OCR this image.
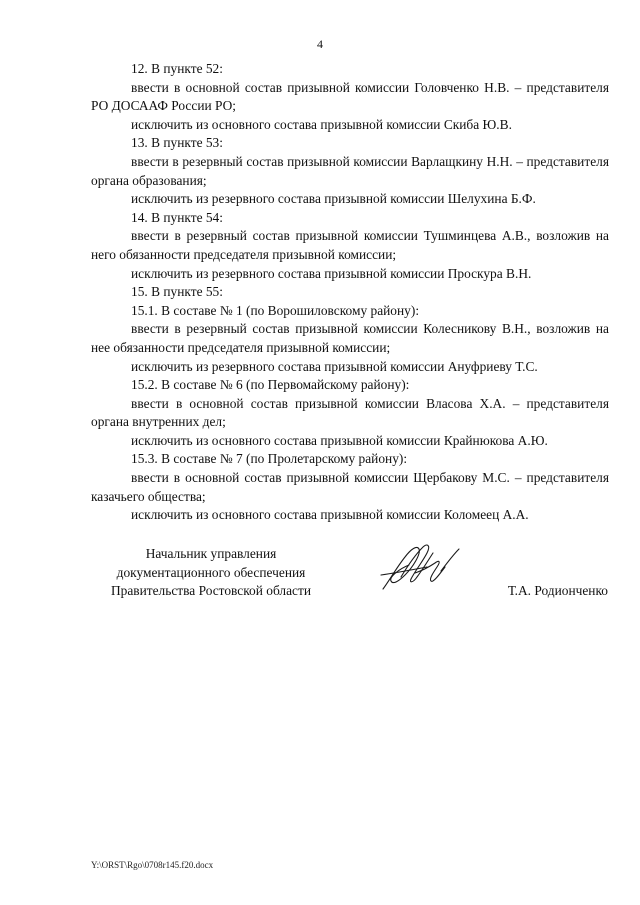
4

12. В пункте 52:

ввести в основной состав призывной комиссии Головченко Н.В. – представителя РО ДОСААФ России РО;

исключить из основного состава призывной комиссии Скиба Ю.В.

13. В пункте 53:

ввести в резервный состав призывной комиссии Варлащкину Н.Н. – представителя органа образования;

исключить из резервного состава призывной комиссии Шелухина Б.Ф.

14. В пункте 54:

ввести в резервный состав призывной комиссии Тушминцева А.В., возложив на него обязанности председателя призывной комиссии;

исключить из резервного состава призывной комиссии Проскура В.Н.

15. В пункте 55:

15.1. В составе № 1 (по Ворошиловскому району):

ввести в резервный состав призывной комиссии Колесникову В.Н., возложив на нее обязанности председателя призывной комиссии;

исключить из резервного состава призывной комиссии Ануфриеву Т.С.

15.2. В составе № 6 (по Первомайскому району):

ввести в основной состав призывной комиссии Власова Х.А. – представителя органа внутренних дел;

исключить из основного состава призывной комиссии Крайнюкова А.Ю.

15.3. В составе № 7 (по Пролетарскому району):

ввести в основной состав призывной комиссии Щербакову М.С. – представителя казачьего общества;

исключить из основного состава призывной комиссии Коломеец А.А.

Начальник управления
документационного обеспечения
Правительства Ростовской области	Т.А. Родионченко
Y:\ORST\Rgo\0708r145.f20.docx
